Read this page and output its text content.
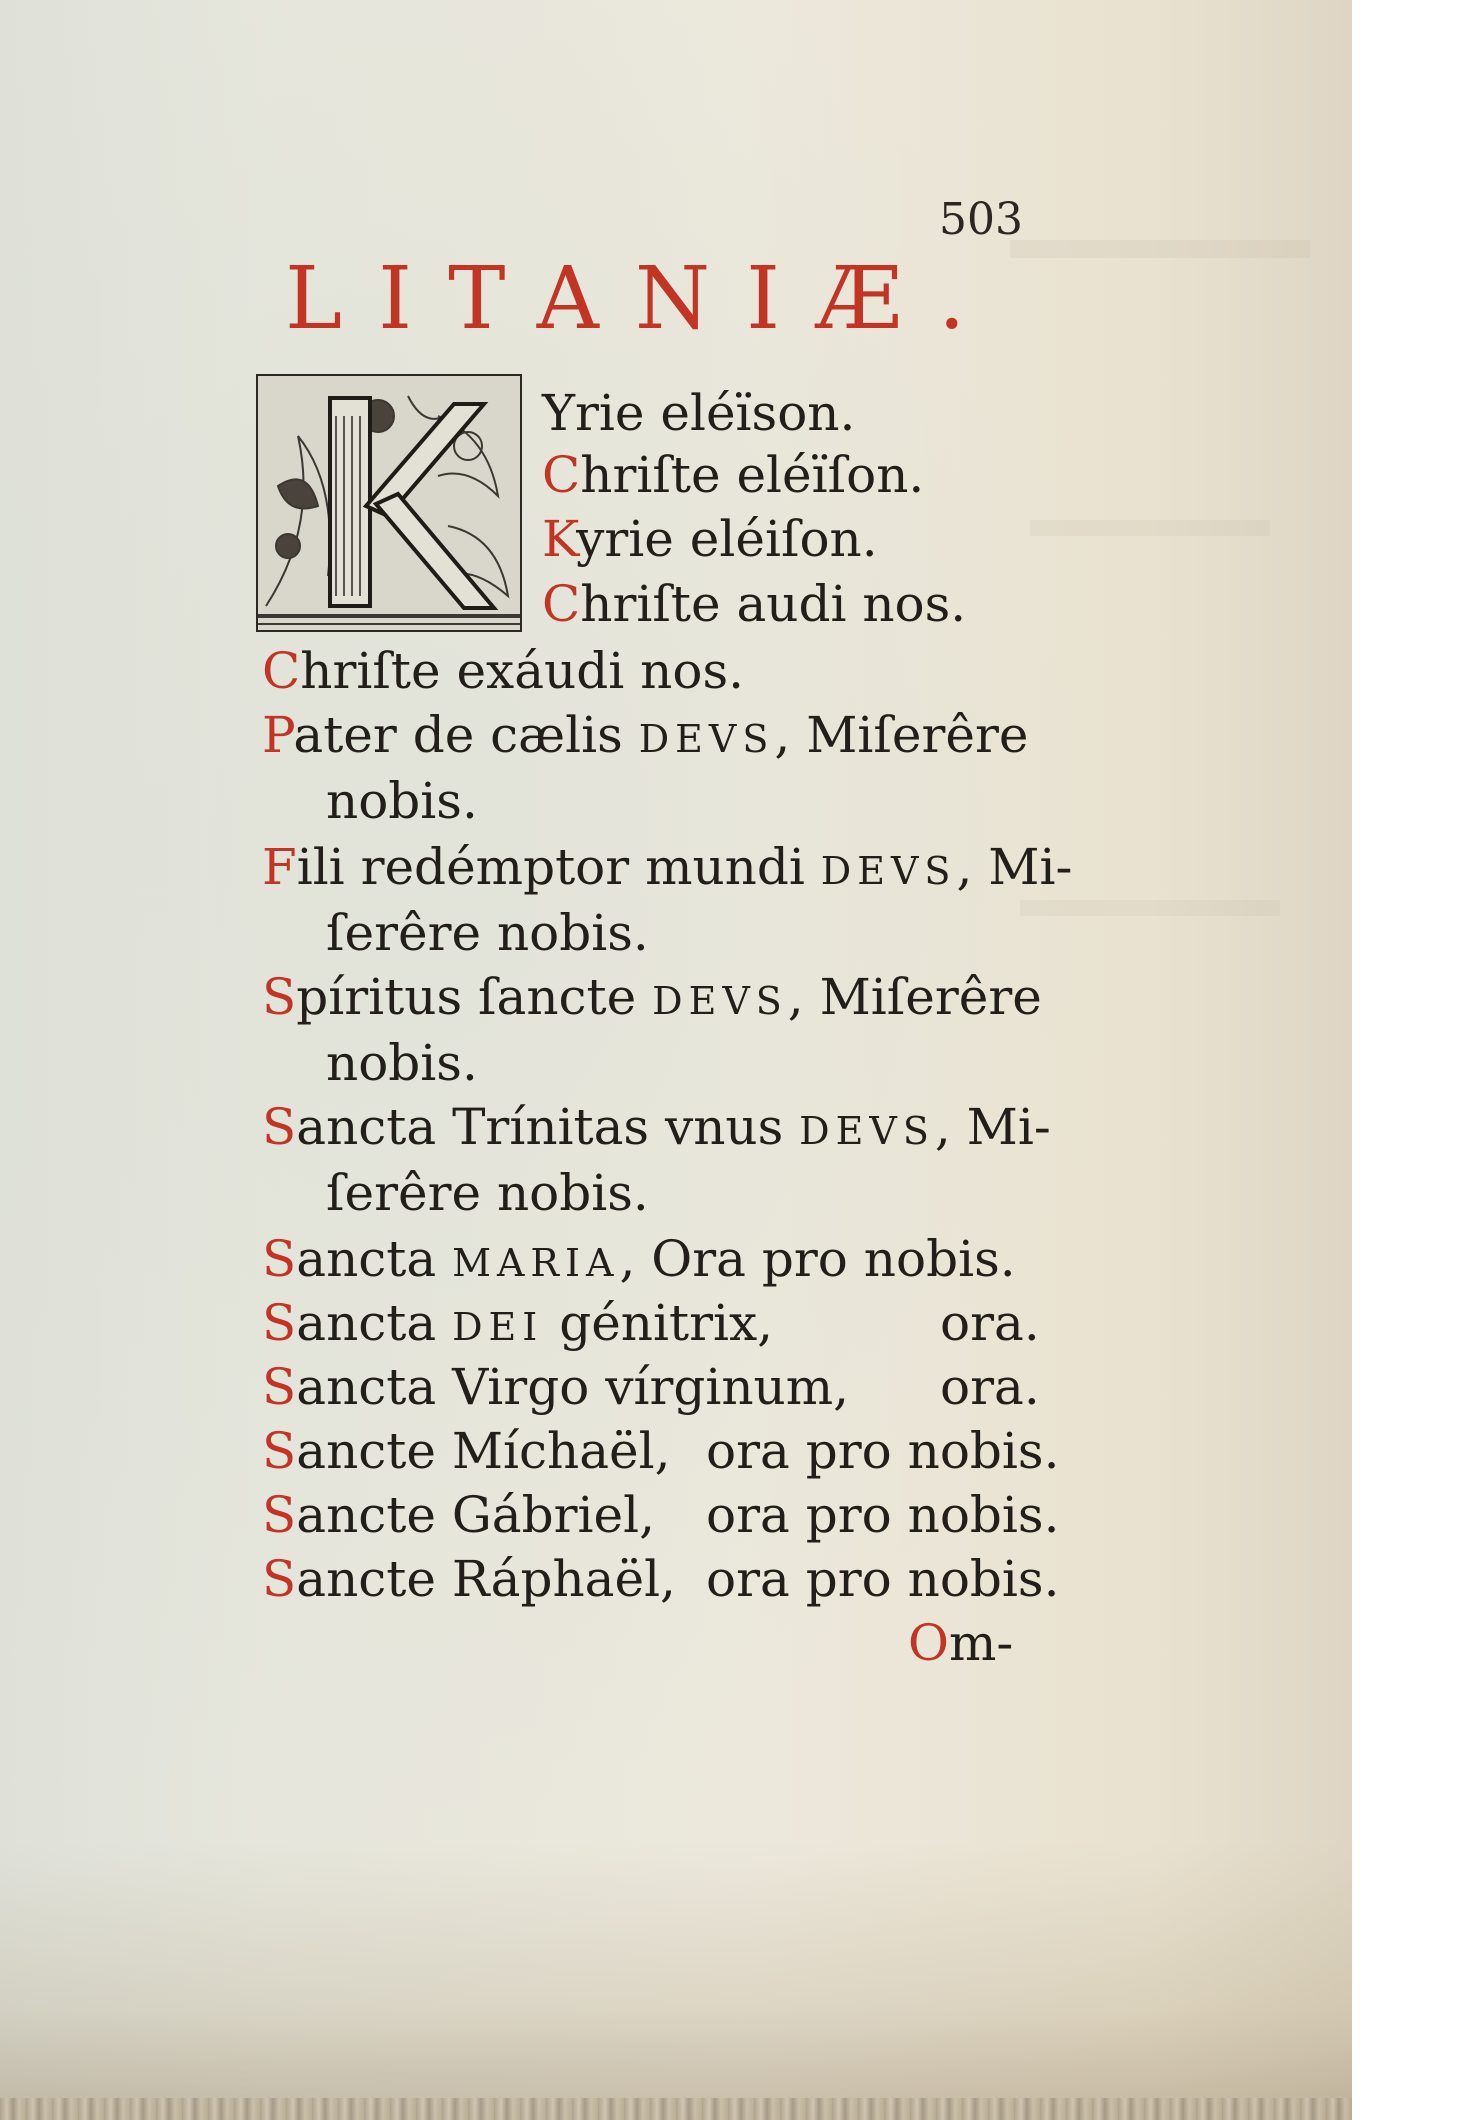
503
LITANIÆ.
Yrie eléïson.
Chriſte eléïſon.
Kyrie eléiſon.
Chriſte audi nos.
Chriſte exáudi nos.
Pater de cælis DEVS, Miſerêre
nobis.
Fili redémptor mundi DEVS, Mi-
ſerêre nobis.
Spíritus ſancte DEVS, Miſerêre
nobis.
Sancta Trínitas vnus DEVS, Mi-
ſerêre nobis.
Sancta MARIA, Ora pro nobis.
Sancta DEI génitrix,	ora.
Sancta Virgo vírginum, ora.
Sancte Míchaël, ora pro nobis.
Sancte Gábriel, ora pro nobis.
Sancte Ráphaël, ora pro nobis.
Om-
